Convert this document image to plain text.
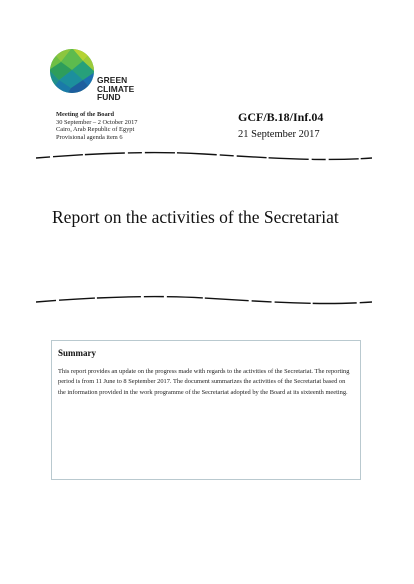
GREEN
CLIMATE
FUND
Meeting of the Board
30 September – 2 October 2017
Cairo, Arab Republic of Egypt
Provisional agenda item 6
GCF/B.18/Inf.04
21 September 2017
Report on the activities of the Secretariat
Summary
This report provides an update on the progress made with regards to the activities of the Secretariat. The reporting period is from 11 June to 8 September 2017. The document summarizes the activities of the Secretariat based on the information provided in the work programme of the Secretariat adopted by the Board at its sixteenth meeting.
